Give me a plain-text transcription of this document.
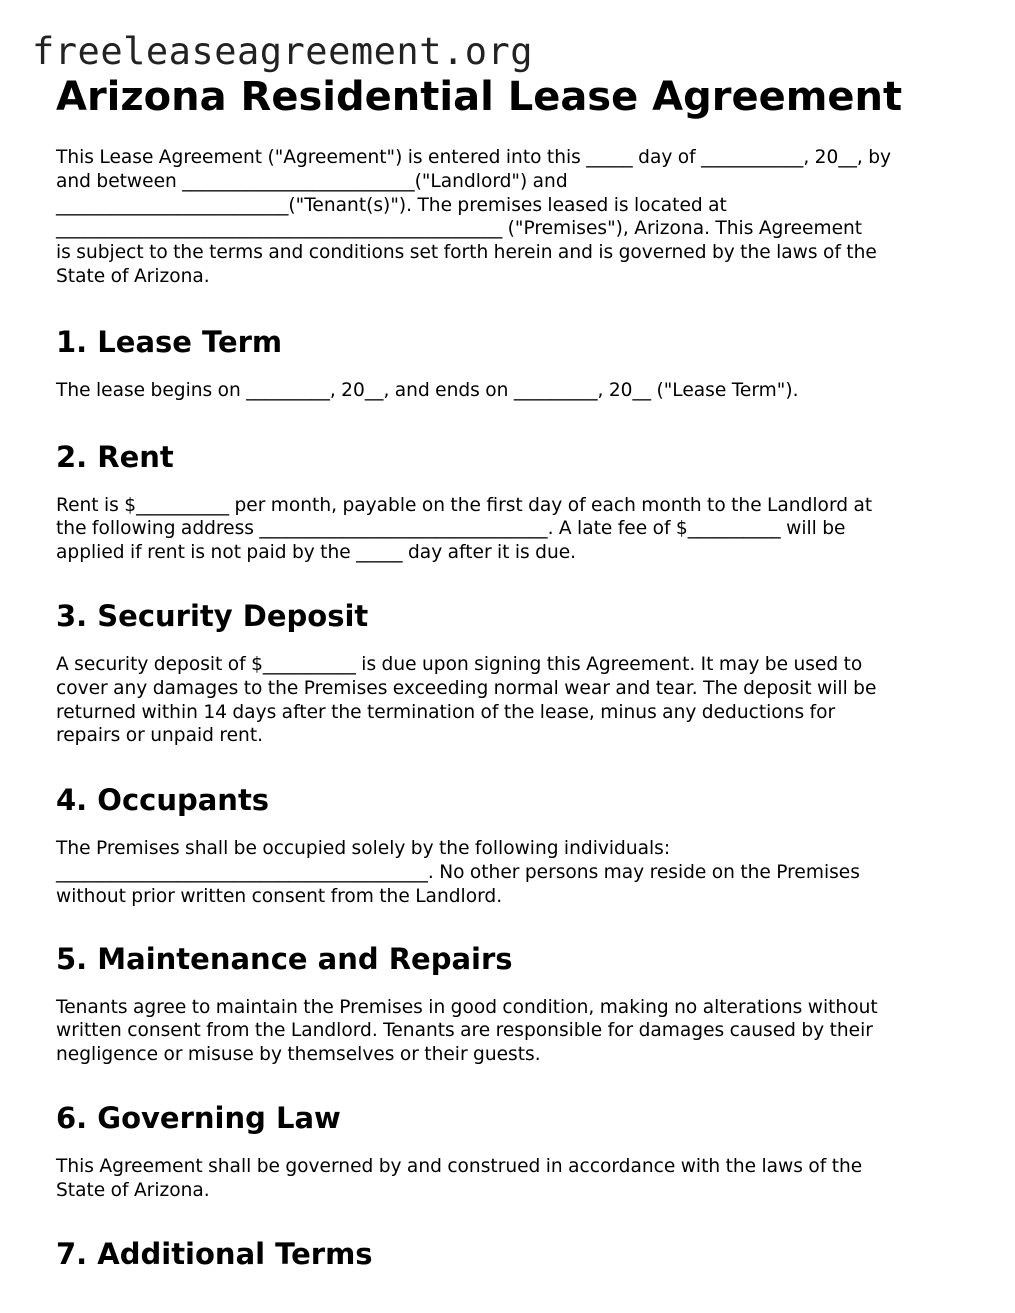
freeleaseagreement.org
Arizona Residential Lease Agreement

This Lease Agreement ("Agreement") is entered into this _____ day of ___________, 20__, by
and between _________________________("Landlord") and
_________________________("Tenant(s)"). The premises leased is located at
________________________________________________ ("Premises"), Arizona. This Agreement
is subject to the terms and conditions set forth herein and is governed by the laws of the
State of Arizona.

1. Lease Term

The lease begins on _________, 20__, and ends on _________, 20__ ("Lease Term").

2. Rent

Rent is $__________ per month, payable on the first day of each month to the Landlord at
the following address _______________________________. A late fee of $__________ will be
applied if rent is not paid by the _____ day after it is due.

3. Security Deposit

A security deposit of $__________ is due upon signing this Agreement. It may be used to
cover any damages to the Premises exceeding normal wear and tear. The deposit will be
returned within 14 days after the termination of the lease, minus any deductions for
repairs or unpaid rent.

4. Occupants

The Premises shall be occupied solely by the following individuals:
________________________________________. No other persons may reside on the Premises
without prior written consent from the Landlord.

5. Maintenance and Repairs

Tenants agree to maintain the Premises in good condition, making no alterations without
written consent from the Landlord. Tenants are responsible for damages caused by their
negligence or misuse by themselves or their guests.

6. Governing Law

This Agreement shall be governed by and construed in accordance with the laws of the
State of Arizona.

7. Additional Terms
